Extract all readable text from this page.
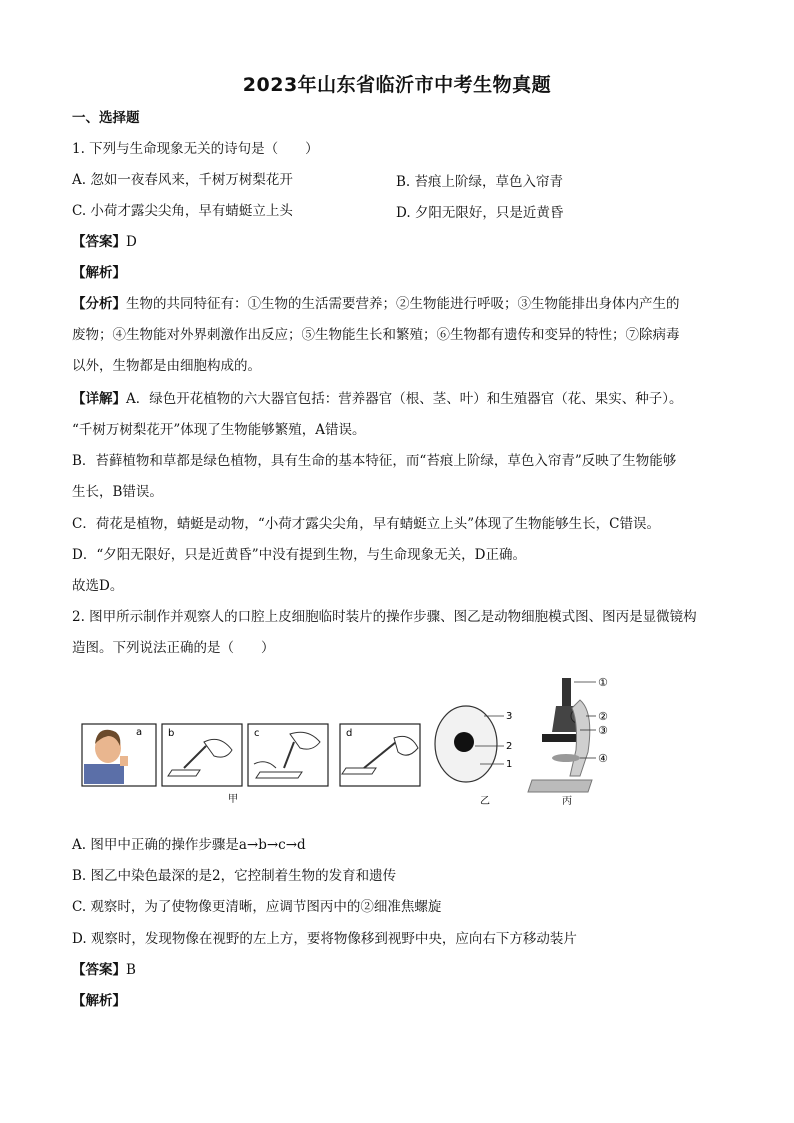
2023年山东省临沂市中考生物真题
一、选择题
1. 下列与生命现象无关的诗句是（　　）
A. 忽如一夜春风来，千树万树梨花开	B. 苔痕上阶绿，草色入帘青
C. 小荷才露尖尖角，早有蜻蜓立上头	D. 夕阳无限好，只是近黄昏
【答案】D
【解析】
【分析】生物的共同特征有：①生物的生活需要营养；②生物能进行呼吸；③生物能排出身体内产生的
废物；④生物能对外界刺激作出反应；⑤生物能生长和繁殖；⑥生物都有遗传和变异的特性；⑦除病毒
以外，生物都是由细胞构成的。
【详解】A．绿色开花植物的六大器官包括：营养器官（根、茎、叶）和生殖器官（花、果实、种子）。
“千树万树梨花开”体现了生物能够繁殖，A错误。
B．苔藓植物和草都是绿色植物，具有生命的基本特征，而“苔痕上阶绿，草色入帘青”反映了生物能够
生长，B错误。
C．荷花是植物，蜻蜓是动物，“小荷才露尖尖角，早有蜻蜓立上头”体现了生物能够生长，C错误。
D．“夕阳无限好，只是近黄昏”中没有提到生物，与生命现象无关，D正确。
故选D。
2. 图甲所示制作并观察人的口腔上皮细胞临时装片的操作步骤、图乙是动物细胞模式图、图丙是显微镜构
造图。下列说法正确的是（　　）
a	b	c	d
甲
3
2
1
乙
①
②
③
④
丙
A. 图甲中正确的操作步骤是a→b→c→d
B. 图乙中染色最深的是2，它控制着生物的发育和遗传
C. 观察时，为了使物像更清晰，应调节图丙中的②细准焦螺旋
D. 观察时，发现物像在视野的左上方，要将物像移到视野中央，应向右下方移动装片
【答案】B
【解析】
